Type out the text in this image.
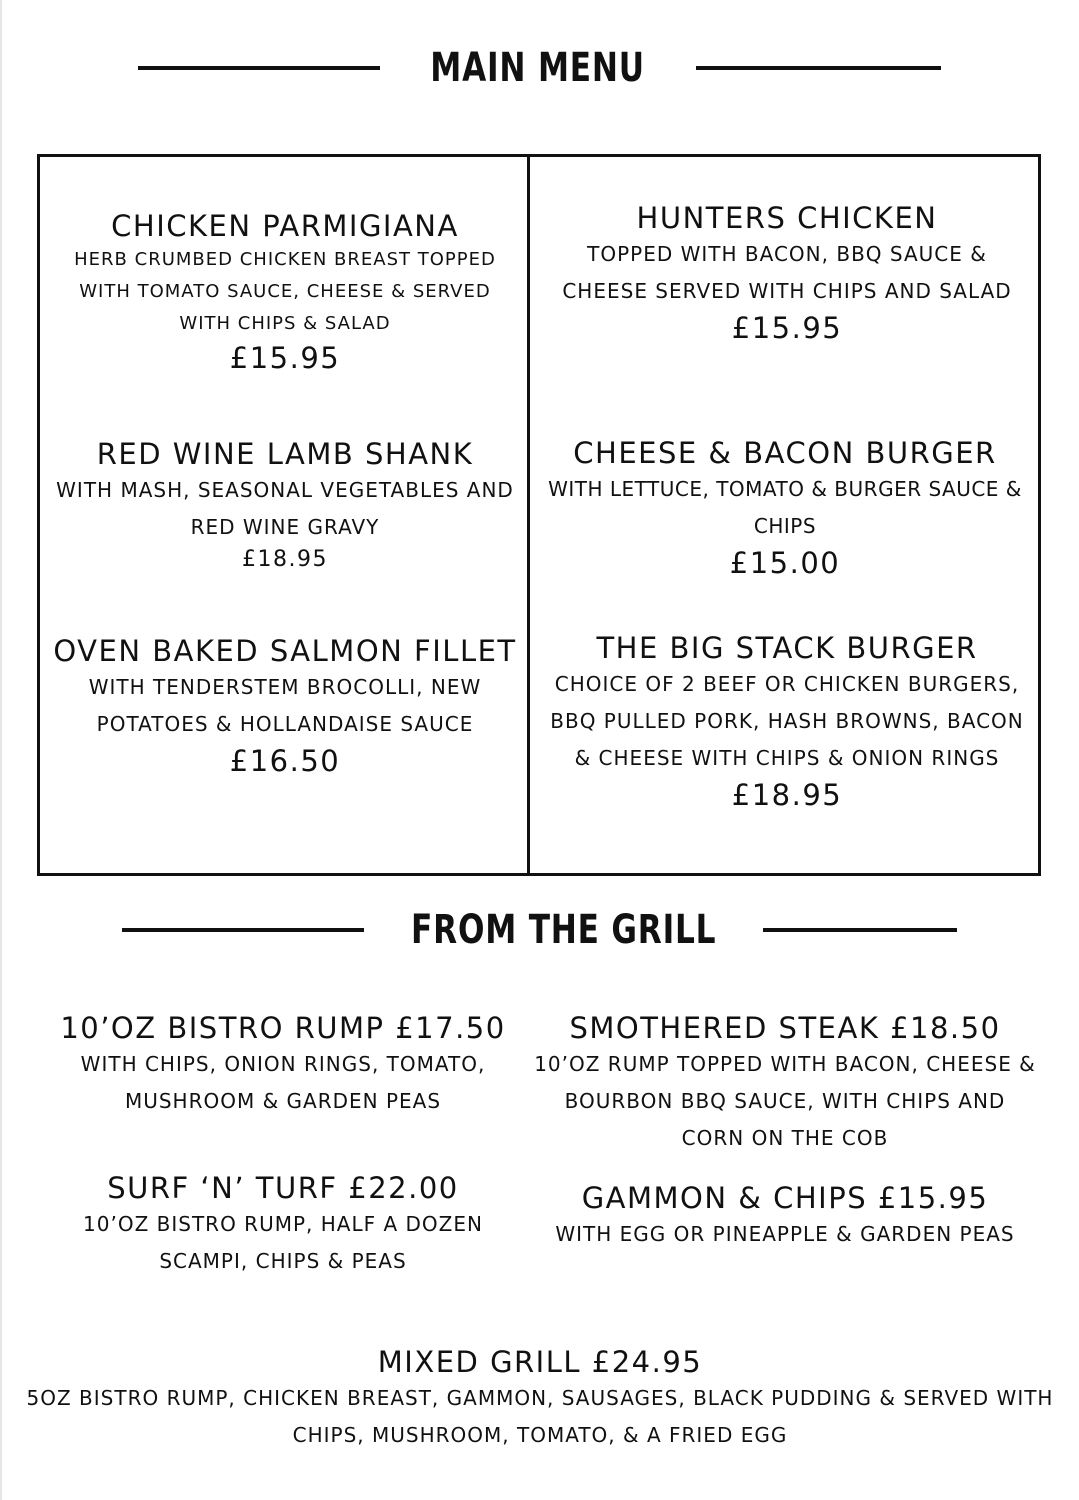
MAIN MENU
CHICKEN PARMIGIANA
HERB CRUMBED CHICKEN BREAST TOPPED WITH TOMATO SAUCE, CHEESE & SERVED WITH CHIPS & SALAD
£15.95
RED WINE LAMB SHANK
WITH MASH, SEASONAL VEGETABLES AND RED WINE GRAVY
£18.95
OVEN BAKED SALMON FILLET
WITH TENDERSTEM BROCOLLI, NEW POTATOES & HOLLANDAISE SAUCE
£16.50
HUNTERS CHICKEN
TOPPED WITH BACON, BBQ SAUCE & CHEESE SERVED WITH CHIPS AND SALAD
£15.95
CHEESE & BACON BURGER
WITH LETTUCE, TOMATO & BURGER SAUCE & CHIPS
£15.00
THE BIG STACK BURGER
CHOICE OF 2 BEEF OR CHICKEN BURGERS, BBQ PULLED PORK, HASH BROWNS, BACON & CHEESE WITH CHIPS & ONION RINGS
£18.95
FROM THE GRILL
10’OZ BISTRO RUMP £17.50
WITH CHIPS, ONION RINGS, TOMATO, MUSHROOM & GARDEN PEAS
SMOTHERED STEAK £18.50
10’OZ RUMP TOPPED WITH BACON, CHEESE & BOURBON BBQ SAUCE, WITH CHIPS AND CORN ON THE COB
SURF ‘N’ TURF £22.00
10’OZ BISTRO RUMP, HALF A DOZEN SCAMPI, CHIPS & PEAS
GAMMON & CHIPS £15.95
WITH EGG OR PINEAPPLE & GARDEN PEAS
MIXED GRILL £24.95
5OZ BISTRO RUMP, CHICKEN BREAST, GAMMON, SAUSAGES, BLACK PUDDING & SERVED WITH CHIPS, MUSHROOM, TOMATO, & A FRIED EGG
